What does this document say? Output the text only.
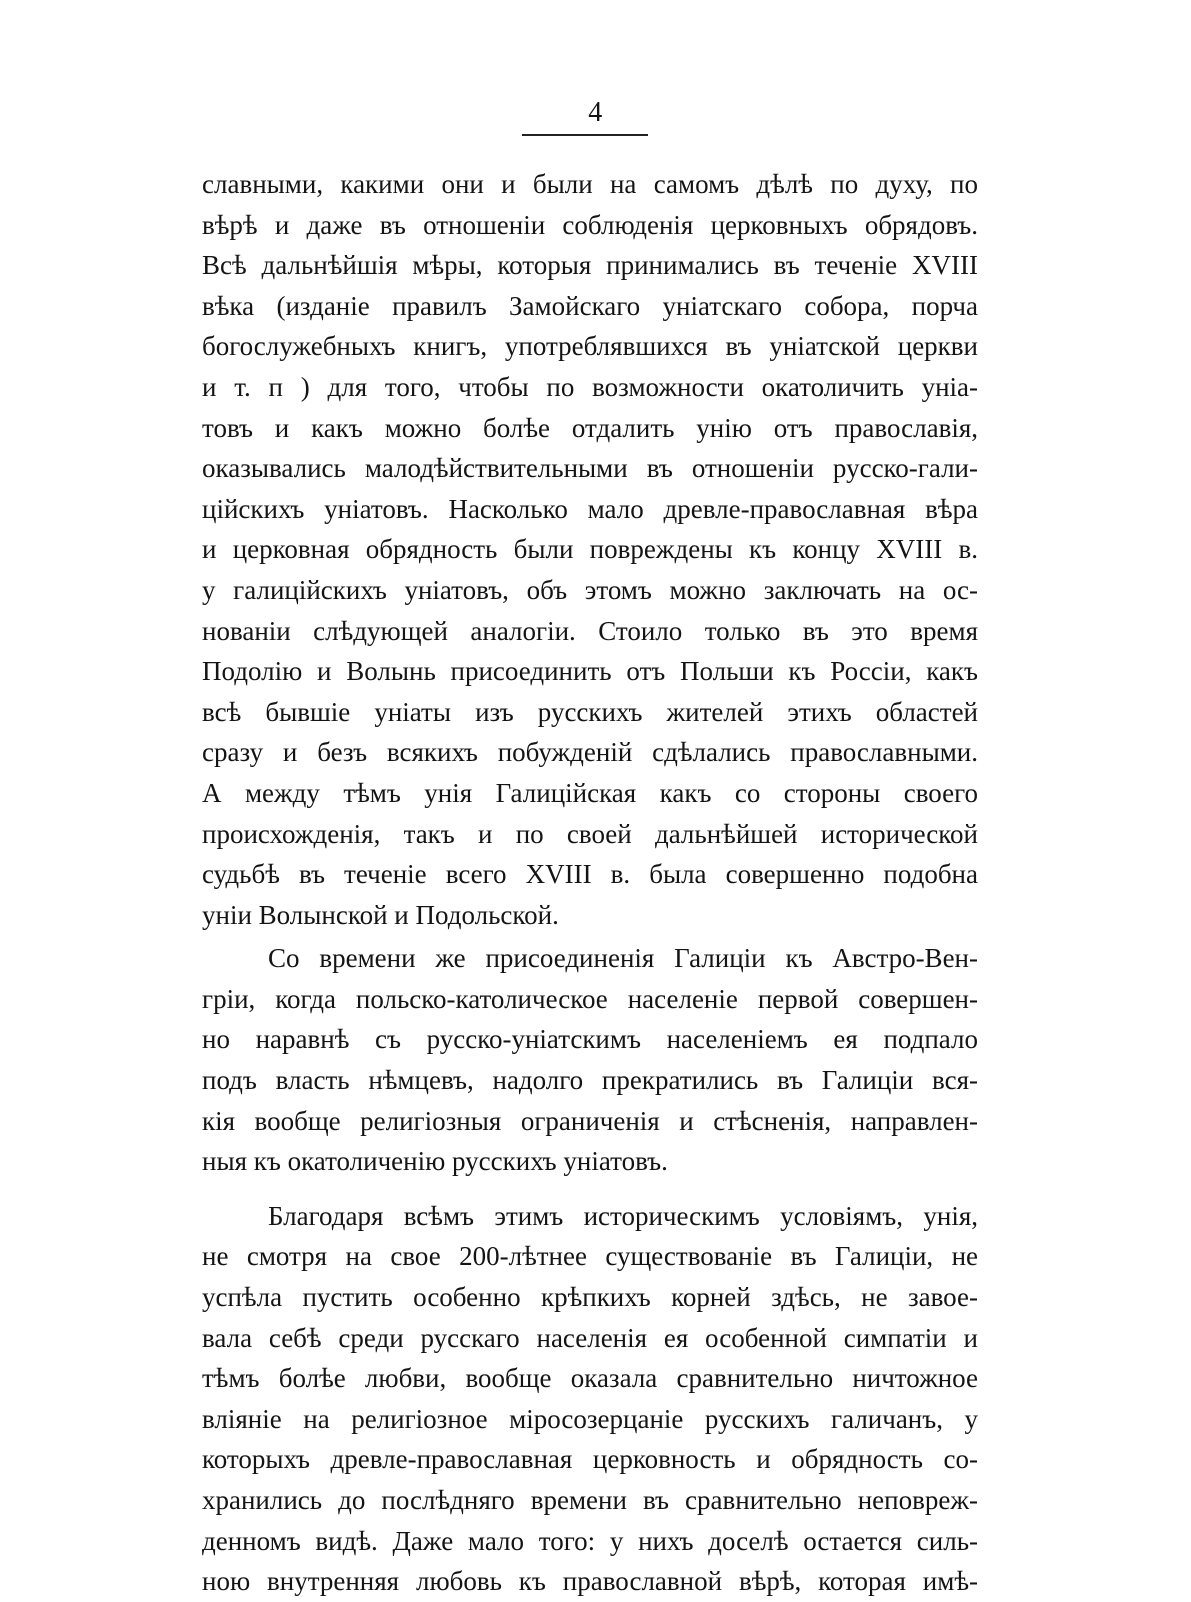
4
славными, какими они и были на самомъ дѣлѣ по духу, по
вѣрѣ и даже въ отношеніи соблюденія церковныхъ обрядовъ.
Всѣ дальнѣйшія мѣры, которыя принимались въ теченіе XVIII
вѣка (изданіе правилъ Замойскаго уніатскаго собора, порча
богослужебныхъ книгъ, употреблявшихся въ уніатской церкви
и т. п ) для того, чтобы по возможности окатоличить унiа-
товъ и какъ можно болѣе отдалить унію отъ православія,
оказывались малодѣйствительными въ отношеніи русско-гали-
ційскихъ уніатовъ. Насколько мало древле-православная вѣра
и церковная обрядность были повреждены къ концу XVIII в.
у галицiйскихъ уніатовъ, объ этомъ можно заключать на ос-
нованіи слѣдующей аналогіи. Стоило только въ это время
Подолію и Волынь присоединить отъ Польши къ Россіи, какъ
всѣ бывшіе уніаты изъ русскихъ жителей этихъ областей
сразу и безъ всякихъ побужденій сдѣлались православными.
А между тѣмъ унія Галицiйская какъ со стороны своего
происхожденія, такъ и по своей дальнѣйшей исторической
судьбѣ въ теченіе всего XVIII в. была совершенно подобна
уніи Волынской и Подольской.
Со времени же присоединенія Галиціи къ Австро-Вен-
гріи, когда польско-католическое населеніе первой совершен-
но наравнѣ съ русско-уніатскимъ населеніемъ ея подпало
подъ власть нѣмцевъ, надолго прекратились въ Галиціи вся-
кія вообще религіозныя ограниченія и стѣсненія, направлен-
ныя къ окатоличенію русскихъ уніатовъ.
Благодаря всѣмъ этимъ историческимъ условіямъ, унія,
не смотря на свое 200-лѣтнее существованіе въ Галиціи, не
успѣла пустить особенно крѣпкихъ корней здѣсь, не завое-
вала себѣ среди русскаго населенія ея особенной симпатіи и
тѣмъ болѣе любви, вообще оказала сравнительно ничтожное
вліяніе на религіозное міросозерцаніе русскихъ галичанъ, у
которыхъ древле-православная церковность и обрядность со-
хранились до послѣдняго времени въ сравнительно неповреж-
денномъ видѣ. Даже мало того: у нихъ доселѣ остается силь-
ною внутренняя любовь къ православной вѣрѣ, которая имѣ-
